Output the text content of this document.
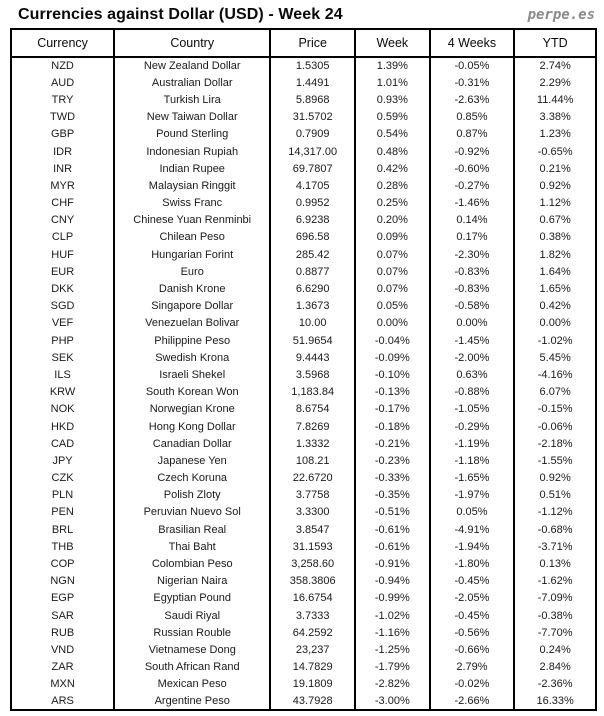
Currencies against Dollar (USD) - Week 24	perpe.es
Currency	Country	Price	Week	4 Weeks	YTD
NZD	New Zealand Dollar	1.5305	1.39%	-0.05%	2.74%
AUD	Australian Dollar	1.4491	1.01%	-0.31%	2.29%
TRY	Turkish Lira	5.8968	0.93%	-2.63%	11.44%
TWD	New Taiwan Dollar	31.5702	0.59%	0.85%	3.38%
GBP	Pound Sterling	0.7909	0.54%	0.87%	1.23%
IDR	Indonesian Rupiah	14,317.00	0.48%	-0.92%	-0.65%
INR	Indian Rupee	69.7807	0.42%	-0.60%	0.21%
MYR	Malaysian Ringgit	4.1705	0.28%	-0.27%	0.92%
CHF	Swiss Franc	0.9952	0.25%	-1.46%	1.12%
CNY	Chinese Yuan Renminbi	6.9238	0.20%	0.14%	0.67%
CLP	Chilean Peso	696.58	0.09%	0.17%	0.38%
HUF	Hungarian Forint	285.42	0.07%	-2.30%	1.82%
EUR	Euro	0.8877	0.07%	-0.83%	1.64%
DKK	Danish Krone	6.6290	0.07%	-0.83%	1.65%
SGD	Singapore Dollar	1.3673	0.05%	-0.58%	0.42%
VEF	Venezuelan Bolivar	10.00	0.00%	0.00%	0.00%
PHP	Philippine Peso	51.9654	-0.04%	-1.45%	-1.02%
SEK	Swedish Krona	9.4443	-0.09%	-2.00%	5.45%
ILS	Israeli Shekel	3.5968	-0.10%	0.63%	-4.16%
KRW	South Korean Won	1,183.84	-0.13%	-0.88%	6.07%
NOK	Norwegian Krone	8.6754	-0.17%	-1.05%	-0.15%
HKD	Hong Kong Dollar	7.8269	-0.18%	-0.29%	-0.06%
CAD	Canadian Dollar	1.3332	-0.21%	-1.19%	-2.18%
JPY	Japanese Yen	108.21	-0.23%	-1.18%	-1.55%
CZK	Czech Koruna	22.6720	-0.33%	-1.65%	0.92%
PLN	Polish Zloty	3.7758	-0.35%	-1.97%	0.51%
PEN	Peruvian Nuevo Sol	3.3300	-0.51%	0.05%	-1.12%
BRL	Brasilian Real	3.8547	-0.61%	-4.91%	-0.68%
THB	Thai Baht	31.1593	-0.61%	-1.94%	-3.71%
COP	Colombian Peso	3,258.60	-0.91%	-1.80%	0.13%
NGN	Nigerian Naira	358.3806	-0.94%	-0.45%	-1.62%
EGP	Egyptian Pound	16.6754	-0.99%	-2.05%	-7.09%
SAR	Saudi Riyal	3.7333	-1.02%	-0.45%	-0.38%
RUB	Russian Rouble	64.2592	-1.16%	-0.56%	-7.70%
VND	Vietnamese Dong	23,237	-1.25%	-0.66%	0.24%
ZAR	South African Rand	14.7829	-1.79%	2.79%	2.84%
MXN	Mexican Peso	19.1809	-2.82%	-0.02%	-2.36%
ARS	Argentine Peso	43.7928	-3.00%	-2.66%	16.33%
